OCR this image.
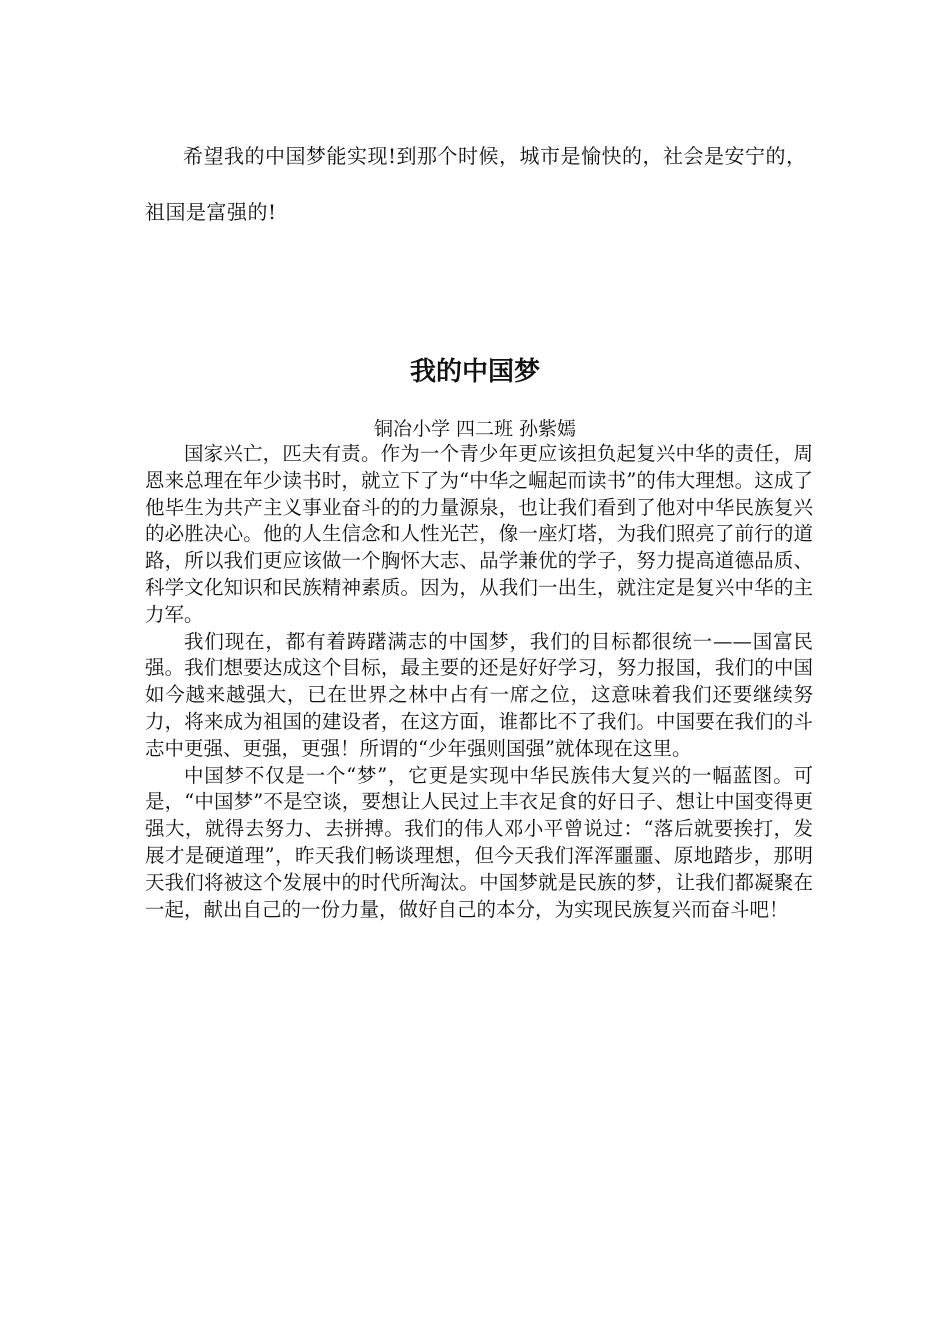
希望我的中国梦能实现!到那个时候，城市是愉快的，社会是安宁的，祖国是富强的!

我的中国梦

铜冶小学 四二班 孙紫嫣

国家兴亡，匹夫有责。作为一个青少年更应该担负起复兴中华的责任，周恩来总理在年少读书时，就立下了为“中华之崛起而读书”的伟大理想。这成了他毕生为共产主义事业奋斗的的力量源泉，也让我们看到了他对中华民族复兴的必胜决心。他的人生信念和人性光芒，像一座灯塔，为我们照亮了前行的道路，所以我们更应该做一个胸怀大志、品学兼优的学子，努力提高道德品质、科学文化知识和民族精神素质。因为，从我们一出生，就注定是复兴中华的主力军。

我们现在，都有着踌躇满志的中国梦，我们的目标都很统一——国富民强。我们想要达成这个目标，最主要的还是好好学习，努力报国，我们的中国如今越来越强大，已在世界之林中占有一席之位，这意味着我们还要继续努力，将来成为祖国的建设者，在这方面，谁都比不了我们。中国要在我们的斗志中更强、更强，更强！所谓的“少年强则国强”就体现在这里。

中国梦不仅是一个“梦”，它更是实现中华民族伟大复兴的一幅蓝图。可是，“中国梦”不是空谈，要想让人民过上丰衣足食的好日子、想让中国变得更强大，就得去努力、去拼搏。我们的伟人邓小平曾说过：“落后就要挨打，发展才是硬道理”，昨天我们畅谈理想，但今天我们浑浑噩噩、原地踏步，那明天我们将被这个发展中的时代所淘汰。中国梦就是民族的梦，让我们都凝聚在一起，献出自己的一份力量，做好自己的本分，为实现民族复兴而奋斗吧！
